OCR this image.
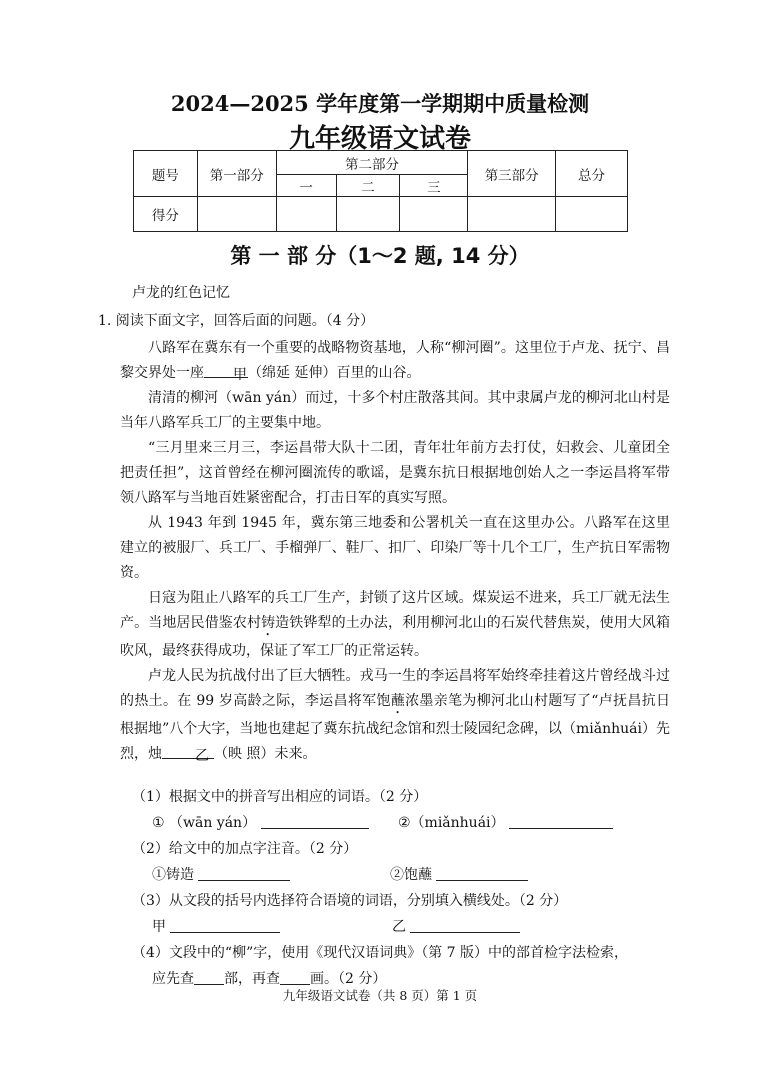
2024—2025 学年度第一学期期中质量检测
九年级语文试卷
题号	第一部分	第二部分			第三部分	总分
		一	二	三		
得分						
第 一 部 分（1～2 题, 14 分）
卢龙的红色记忆
1. 阅读下面文字，回答后面的问题。（4 分）

八路军在冀东有一个重要的战略物资基地，人称“柳河圈”。这里位于卢龙、抚宁、昌黎交界处一座 甲（绵延 延伸）百里的山谷。

清清的柳河（wān yán）而过，十多个村庄散落其间。其中隶属卢龙的柳河北山村是当年八路军兵工厂的主要集中地。

“三月里来三月三，李运昌带大队十二团，青年壮年前方去打仗，妇救会、儿童团全把责任担”，这首曾经在柳河圈流传的歌谣，是冀东抗日根据地创始人之一李运昌将军带领八路军与当地百姓紧密配合，打击日军的真实写照。

从 1943 年到 1945 年，冀东第三地委和公署机关一直在这里办公。八路军在这里建立的被服厂、兵工厂、手榴弹厂、鞋厂、扣厂、印染厂等十几个工厂，生产抗日军需物资。

日寇为阻止八路军的兵工厂生产，封锁了这片区域。煤炭运不进来，兵工厂就无法生产。当地居民借鉴农村铸造铁铧犁的土办法，利用柳河北山的石炭代替焦炭，使用大风箱吹风，最终获得成功，保证了军工厂的正常运转。

卢龙人民为抗战付出了巨大牺牲。戎马一生的李运昌将军始终牵挂着这片曾经战斗过的热土。在 99 岁高龄之际，李运昌将军饱蘸浓墨亲笔为柳河北山村题写了“卢抚昌抗日根据地”八个大字，当地也建起了冀东抗战纪念馆和烈士陵园纪念碑，以（miǎnhuái）先烈，烛 乙 （映 照）未来。

（1）根据文中的拼音写出相应的词语。（2 分）
① （wān yán）	②（miǎnhuái）
（2）给文中的加点字注音。（2 分）
①铸造	②饱蘸
（3）从文段的括号内选择符合语境的词语，分别填入横线处。（2 分）
甲	乙
（4）文段中的“柳”字，使用《现代汉语词典》（第 7 版）中的部首检字法检索，
应先查 部，再查 画。（2 分）
九年级语文试卷（共 8 页）第 1 页
